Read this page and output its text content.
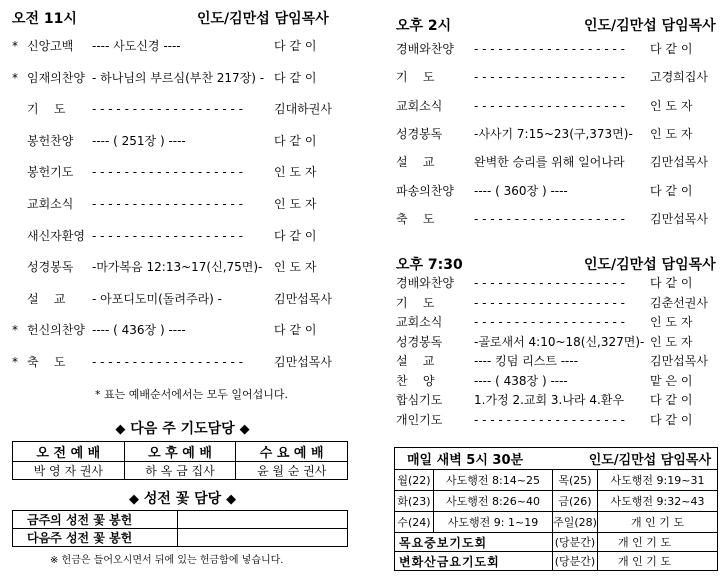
오전 11시	인도/김만섭 담임목사
* 신앙고백 ---- 사도신경 ----	다 같 이
* 임재의찬양 - 하나님의 부르심(부찬 217장) - 다 같 이
기    도 - - - - - - - - - - - - - - - - - - -	김대하권사
봉헌찬양 ---- ( 251장 ) ----	다 같 이
봉헌기도 - - - - - - - - - - - - - - - - - - -	인 도 자
교회소식 - - - - - - - - - - - - - - - - - - -	인 도 자
새신자환영 - - - - - - - - - - - - - - - - - - -	다 같 이
성경봉독 -마가복음 12:13~17(신,75면)- 인 도 자
설    교 - 아포디도미(돌려주라) -	김만섭목사
* 헌신의찬양 ---- ( 436장 ) ----	다 같 이
* 축    도 - - - - - - - - - - - - - - - - - - -	김만섭목사
* 표는 예배순서에서는 모두 일어섭니다.
◆ 다음 주 기도담당 ◆
오 전 예 배	오 후 예 배	수 요 예 배
박 영 자 권사	하 옥 금 집사	윤 월 순 권사
◆ 성전 꽃 담당 ◆
금주의 성전 꽃 봉헌	
다음주 성전 꽃 봉헌	
※ 헌금은 들어오시면서 뒤에 있는 헌금함에 넣습니다.
오후 2시	인도/김만섭 담임목사
경배와찬양 - - - - - - - - - - - - - - - - - - - 다 같 이
기    도	- - - - - - - - - - - - - - - - - - - 고경희집사
교회소식	- - - - - - - - - - - - - - - - - - - 인 도 자
성경봉독	-사사기 7:15~23(구,373면)- 인 도 자
설    교	완벽한 승리를 위해 일어나라 김만섭목사
파송의찬양 ---- ( 360장 ) ----	다 같 이
축    도	- - - - - - - - - - - - - - - - - - - 김만섭목사
오후 7:30	인도/김만섭 담임목사
경배와찬양 - - - - - - - - - - - - - - - - - - - 다 같 이
기    도	- - - - - - - - - - - - - - - - - - - 김춘선권사
교회소식	- - - - - - - - - - - - - - - - - - - 인 도 자
성경봉독	-골로새서 4:10~18(신,327면)- 인 도 자
설    교	---- 킹덤 리스트 ----	김만섭목사
찬    양	---- ( 438장 ) ----	맡 은 이
합심기도	1.가정 2.교회 3.나라 4.환우 다 같 이
개인기도	- - - - - - - - - - - - - - - - - - - 다 같 이
매일 새벽 5시 30분		인도/김만섭 담임목사	
월(22)	사도행전 8:14~25	목(25)	사도행전 9:19~31
화(23)	사도행전 8:26~40	금(26)	사도행전 9:32~43
수(24)	사도행전 9: 1~19	주일(28)	개 인 기 도
목요중보기도회		(당분간)	개 인 기 도
변화산금요기도회		(당분간)	개 인 기 도
